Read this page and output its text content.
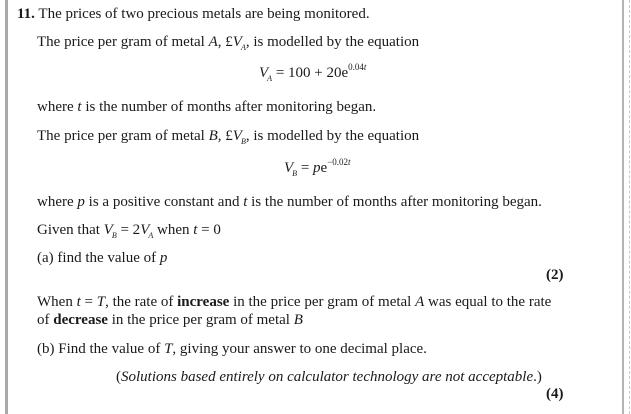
11. The prices of two precious metals are being monitored.
The price per gram of metal A, $£V_A$, is modelled by the equation
$V_A = 100 + 20e^{0.04t}$
where t is the number of months after monitoring began.
The price per gram of metal B, $£V_B$, is modelled by the equation
$V_B = pe^{-0.02t}$
where p is a positive constant and t is the number of months after monitoring began.
Given that $V_B = 2V_A$ when t = 0
(a) find the value of p
(2)
When t = T, the rate of increase in the price per gram of metal A was equal to the rate
of decrease in the price per gram of metal B
(b) Find the value of T, giving your answer to one decimal place.
(Solutions based entirely on calculator technology are not acceptable.)
(4)
